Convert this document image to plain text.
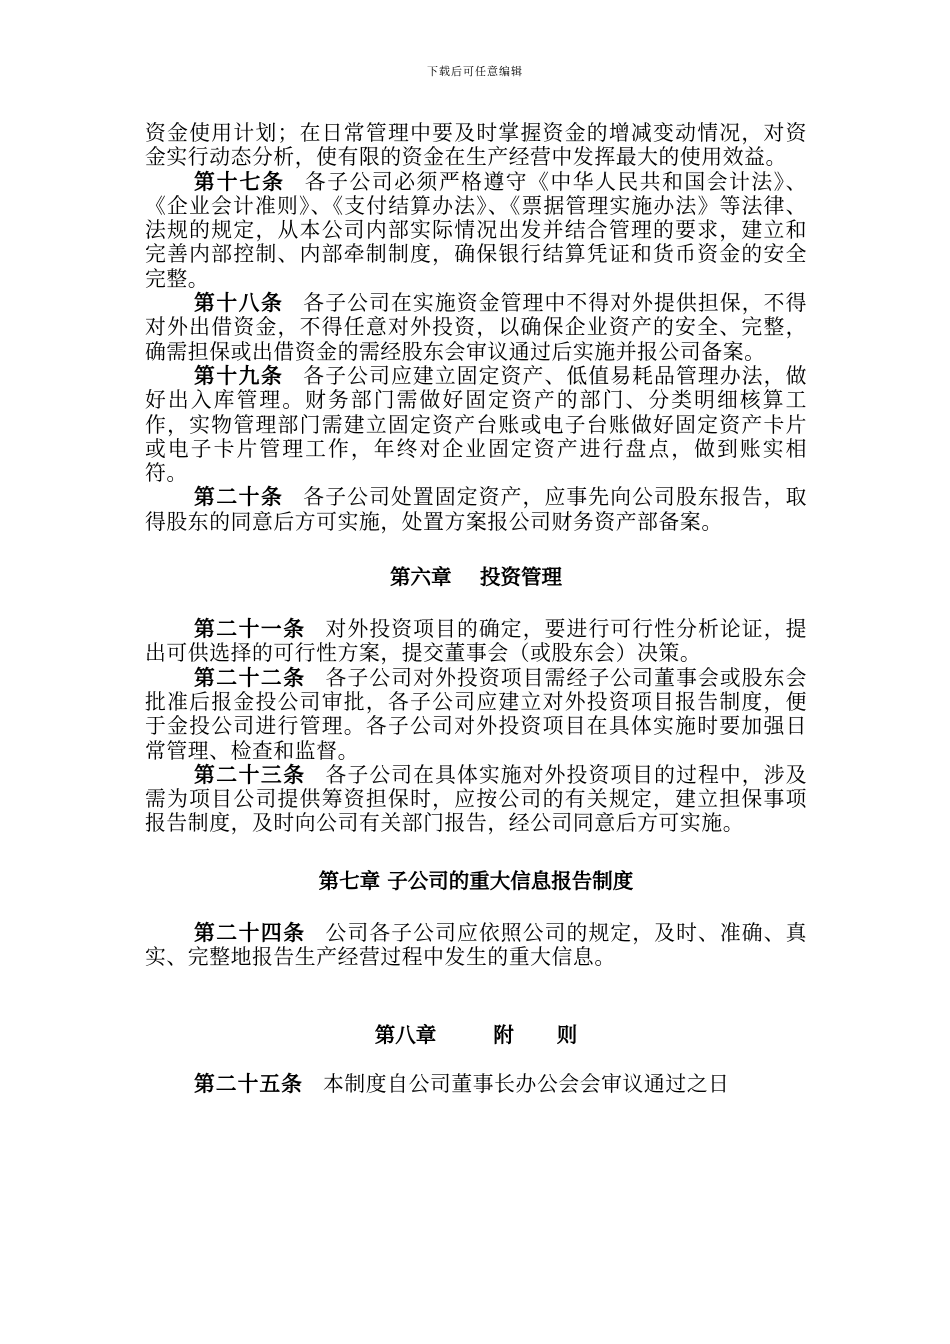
下载后可任意编辑

资金使用计划；在日常管理中要及时掌握资金的增减变动情况，对资金实行动态分析，使有限的资金在生产经营中发挥最大的使用效益。

第十七条 各子公司必须严格遵守《中华人民共和国会计法》、《企业会计准则》、《支付结算办法》、《票据管理实施办法》等法律、法规的规定，从本公司内部实际情况出发并结合管理的要求，建立和完善内部控制、内部牵制制度，确保银行结算凭证和货币资金的安全完整。

第十八条 各子公司在实施资金管理中不得对外提供担保，不得对外出借资金，不得任意对外投资，以确保企业资产的安全、完整，确需担保或出借资金的需经股东会审议通过后实施并报公司备案。

第十九条 各子公司应建立固定资产、低值易耗品管理办法，做好出入库管理。财务部门需做好固定资产的部门、分类明细核算工作，实物管理部门需建立固定资产台账或电子台账做好固定资产卡片或电子卡片管理工作，年终对企业固定资产进行盘点，做到账实相符。

第二十条 各子公司处置固定资产，应事先向公司股东报告，取得股东的同意后方可实施，处置方案报公司财务资产部备案。

第六章    投资管理

第二十一条 对外投资项目的确定，要进行可行性分析论证，提出可供选择的可行性方案，提交董事会（或股东会）决策。

第二十二条 各子公司对外投资项目需经子公司董事会或股东会批准后报金投公司审批，各子公司应建立对外投资项目报告制度，便于金投公司进行管理。各子公司对外投资项目在具体实施时要加强日常管理、检查和监督。

第二十三条 各子公司在具体实施对外投资项目的过程中，涉及需为项目公司提供筹资担保时，应按公司的有关规定，建立担保事项报告制度，及时向公司有关部门报告，经公司同意后方可实施。

第七章 子公司的重大信息报告制度

第二十四条 公司各子公司应依照公司的规定，及时、准确、真实、完整地报告生产经营过程中发生的重大信息。

第八章        附      则

第二十五条 本制度自公司董事长办公会会审议通过之日
